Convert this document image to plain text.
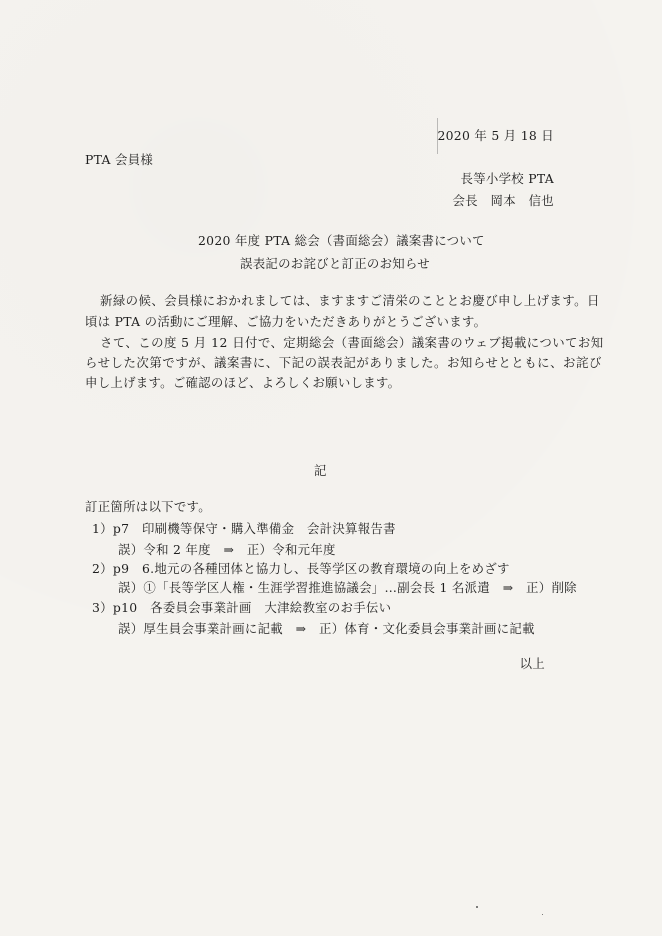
2020 年 5 月 18 日
PTA 会員様
長等小学校 PTA
会長　岡本　信也
2020 年度 PTA 総会（書面総会）議案書について
誤表記のお詫びと訂正のお知らせ
新緑の候、会員様におかれましては、ますますご清栄のこととお慶び申し上げます。日
頃は PTA の活動にご理解、ご協力をいただきありがとうございます。
さて、この度 5 月 12 日付で、定期総会（書面総会）議案書のウェブ掲載についてお知
らせした次第ですが、議案書に、下記の誤表記がありました。お知らせとともに、お詫び
申し上げます。ご確認のほど、よろしくお願いします。
記
訂正箇所は以下です。
1）p7　印刷機等保守・購入準備金　会計決算報告書
誤）令和 2 年度　⇒　正）令和元年度
2）p9　6.地元の各種団体と協力し、長等学区の教育環境の向上をめざす
誤）①「長等学区人権・生涯学習推進協議会」…副会長 1 名派遣　⇒　正）削除
3）p10　各委員会事業計画　大津絵教室のお手伝い
誤）厚生員会事業計画に記載　⇒　正）体育・文化委員会事業計画に記載
以上
